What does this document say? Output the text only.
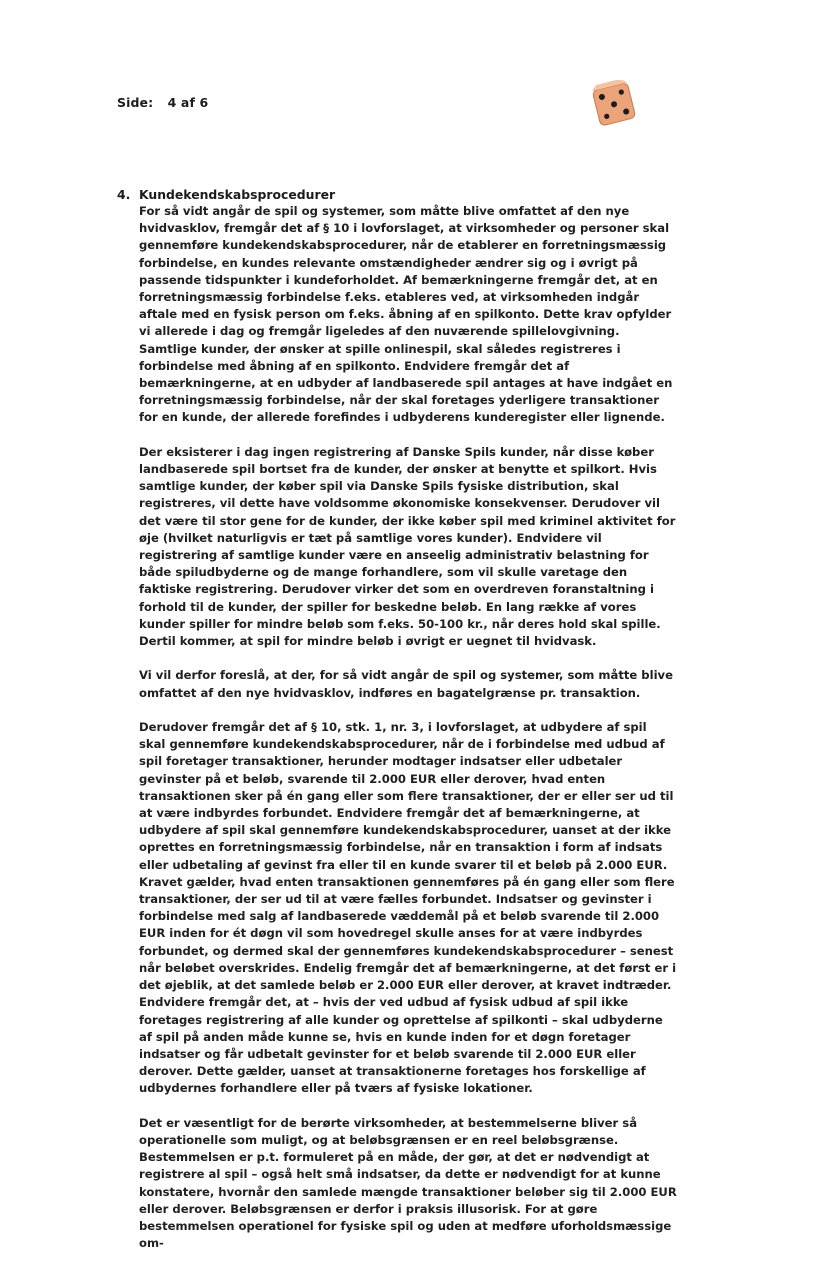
Side: 4 af 6
4. Kundekendskabsprocedurer

For så vidt angår de spil og systemer, som måtte blive omfattet af den nye hvidvasklov, fremgår det af § 10 i lovforslaget, at virksomheder og personer skal gennemføre kundekendskabsprocedurer, når de etablerer en forretningsmæssig forbindelse, en kundes relevante omstændigheder ændrer sig og i øvrigt på passende tidspunkter i kundeforholdet. Af bemærkningerne fremgår det, at en forretningsmæssig forbindelse f.eks. etableres ved, at virksomheden indgår aftale med en fysisk person om f.eks. åbning af en spilkonto. Dette krav opfylder vi allerede i dag og fremgår ligeledes af den nuværende spillelovgivning. Samtlige kunder, der ønsker at spille onlinespil, skal således registreres i forbindelse med åbning af en spilkonto. Endvidere fremgår det af bemærkningerne, at en udbyder af landbaserede spil antages at have indgået en forretningsmæssig forbindelse, når der skal foretages yderligere transaktioner for en kunde, der allerede forefindes i udbyderens kunderegister eller lignende.

Der eksisterer i dag ingen registrering af Danske Spils kunder, når disse køber landbaserede spil bortset fra de kunder, der ønsker at benytte et spilkort. Hvis samtlige kunder, der køber spil via Danske Spils fysiske distribution, skal registreres, vil dette have voldsomme økonomiske konsekvenser. Derudover vil det være til stor gene for de kunder, der ikke køber spil med kriminel aktivitet for øje (hvilket naturligvis er tæt på samtlige vores kunder). Endvidere vil registrering af samtlige kunder være en anseelig administrativ belastning for både spiludbyderne og de mange forhandlere, som vil skulle varetage den faktiske registrering. Derudover virker det som en overdreven foranstaltning i forhold til de kunder, der spiller for beskedne beløb. En lang række af vores kunder spiller for mindre beløb som f.eks. 50-100 kr., når deres hold skal spille. Dertil kommer, at spil for mindre beløb i øvrigt er uegnet til hvidvask.

Vi vil derfor foreslå, at der, for så vidt angår de spil og systemer, som måtte blive omfattet af den nye hvidvasklov, indføres en bagatelgrænse pr. transaktion.

Derudover fremgår det af § 10, stk. 1, nr. 3, i lovforslaget, at udbydere af spil skal gennemføre kundekendskabsprocedurer, når de i forbindelse med udbud af spil foretager transaktioner, herunder modtager indsatser eller udbetaler gevinster på et beløb, svarende til 2.000 EUR eller derover, hvad enten transaktionen sker på én gang eller som flere transaktioner, der er eller ser ud til at være indbyrdes forbundet. Endvidere fremgår det af bemærkningerne, at udbydere af spil skal gennemføre kundekendskabsprocedurer, uanset at der ikke oprettes en forretningsmæssig forbindelse, når en transaktion i form af indsats eller udbetaling af gevinst fra eller til en kunde svarer til et beløb på 2.000 EUR. Kravet gælder, hvad enten transaktionen gennemføres på én gang eller som flere transaktioner, der ser ud til at være fælles forbundet. Indsatser og gevinster i forbindelse med salg af landbaserede væddemål på et beløb svarende til 2.000 EUR inden for ét døgn vil som hovedregel skulle anses for at være indbyrdes forbundet, og dermed skal der gennemføres kundekendskabsprocedurer – senest når beløbet overskrides. Endelig fremgår det af bemærkningerne, at det først er i det øjeblik, at det samlede beløb er 2.000 EUR eller derover, at kravet indtræder. Endvidere fremgår det, at – hvis der ved udbud af fysisk udbud af spil ikke foretages registrering af alle kunder og oprettelse af spilkonti – skal udbyderne af spil på anden måde kunne se, hvis en kunde inden for et døgn foretager indsatser og får udbetalt gevinster for et beløb svarende til 2.000 EUR eller derover. Dette gælder, uanset at transaktionerne foretages hos forskellige af udbydernes forhandlere eller på tværs af fysiske lokationer.

Det er væsentligt for de berørte virksomheder, at bestemmelserne bliver så operationelle som muligt, og at beløbsgrænsen er en reel beløbsgrænse. Bestemmelsen er p.t. formuleret på en måde, der gør, at det er nødvendigt at registrere al spil – også helt små indsatser, da dette er nødvendigt for at kunne konstatere, hvornår den samlede mængde transaktioner beløber sig til 2.000 EUR eller derover. Beløbsgrænsen er derfor i praksis illusorisk. For at gøre bestemmelsen operationel for fysiske spil og uden at medføre uforholdsmæssige om-
